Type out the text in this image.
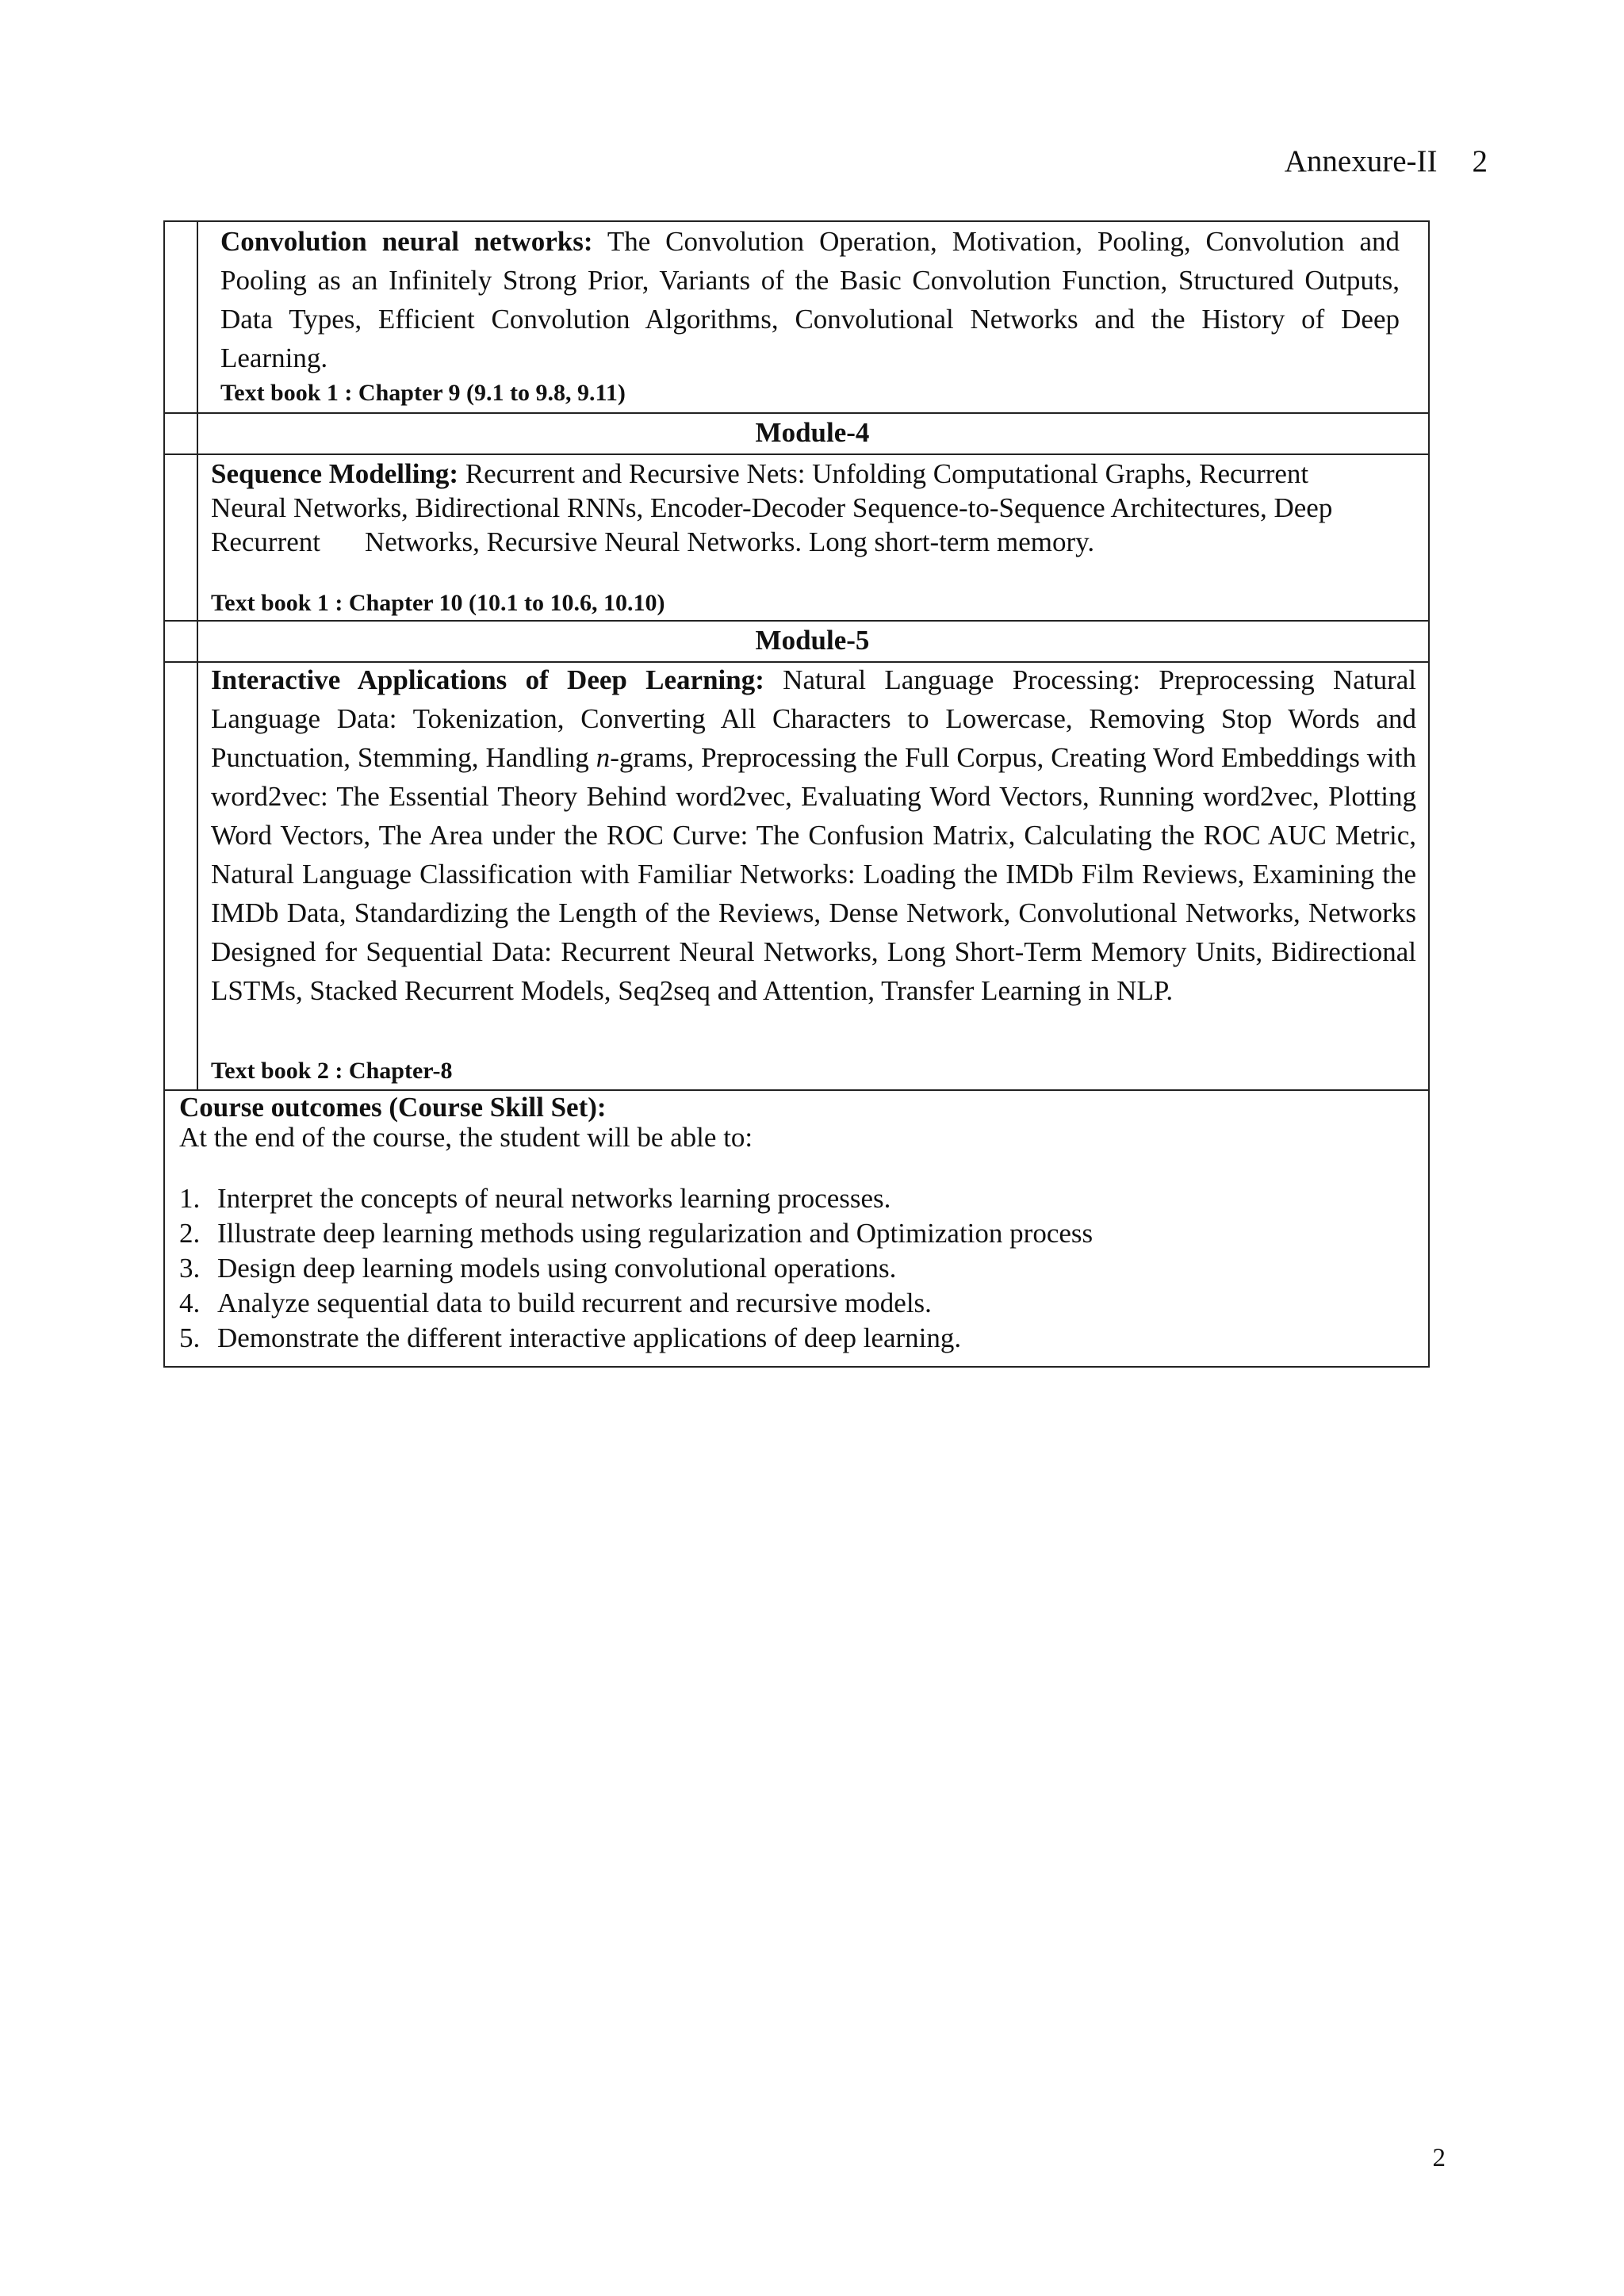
Annexure-II 2
Convolution neural networks: The Convolution Operation, Motivation, Pooling, Convolution and Pooling as an Infinitely Strong Prior, Variants of the Basic Convolution Function, Structured Outputs, Data Types, Efficient Convolution Algorithms, Convolutional Networks and the History of Deep Learning.
Text book 1 : Chapter 9 (9.1 to 9.8, 9.11)
Module-4
Sequence Modelling: Recurrent and Recursive Nets: Unfolding Computational Graphs, Recurrent
Neural Networks, Bidirectional RNNs, Encoder-Decoder Sequence-to-Sequence Architectures, Deep
Recurrent Networks, Recursive Neural Networks. Long short-term memory.
Text book 1 : Chapter 10 (10.1 to 10.6, 10.10)
Module-5
Interactive Applications of Deep Learning: Natural Language Processing: Preprocessing Natural Language Data: Tokenization, Converting All Characters to Lowercase, Removing Stop Words and Punctuation, Stemming, Handling n-grams, Preprocessing the Full Corpus, Creating Word Embeddings with word2vec: The Essential Theory Behind word2vec, Evaluating Word Vectors, Running word2vec, Plotting Word Vectors, The Area under the ROC Curve: The Confusion Matrix, Calculating the ROC AUC Metric, Natural Language Classification with Familiar Networks: Loading the IMDb Film Reviews, Examining the IMDb Data, Standardizing the Length of the Reviews, Dense Network, Convolutional Networks, Networks Designed for Sequential Data: Recurrent Neural Networks, Long Short-Term Memory Units, Bidirectional LSTMs, Stacked Recurrent Models, Seq2seq and Attention, Transfer Learning in NLP.
Text book 2 : Chapter-8
Course outcomes (Course Skill Set):
At the end of the course, the student will be able to:
1. Interpret the concepts of neural networks learning processes.
2. Illustrate deep learning methods using regularization and Optimization process
3. Design deep learning models using convolutional operations.
4. Analyze sequential data to build recurrent and recursive models.
5. Demonstrate the different interactive applications of deep learning.
2
